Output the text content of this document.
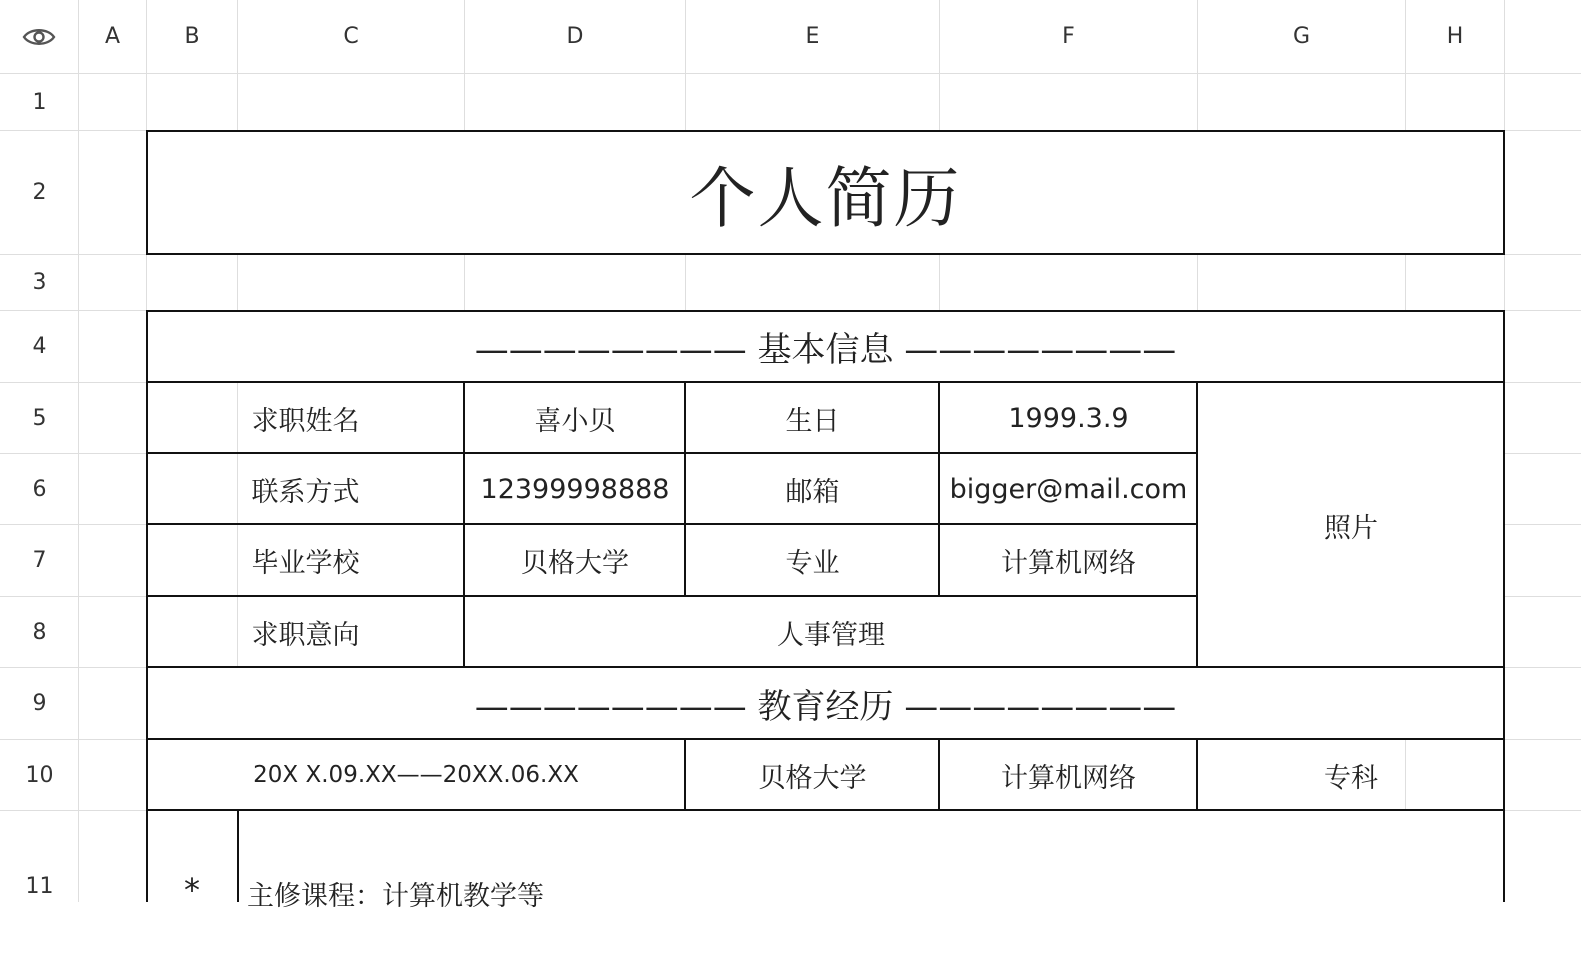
A	B	C	D	E	F	G	H
1
2
3
4
5
6
7
8
9
10
11
个人简历
———————— 基本信息 ————————
求职姓名	喜小贝	生日	1999.3.9
联系方式	12399998888	邮箱	bigger@mail.com
毕业学校	贝格大学	专业	计算机网络
求职意向	人事管理
照片
———————— 教育经历 ————————
20X X.09.XX——20XX.06.XX	贝格大学	计算机网络	专科
*	主修课程：计算机教学等
